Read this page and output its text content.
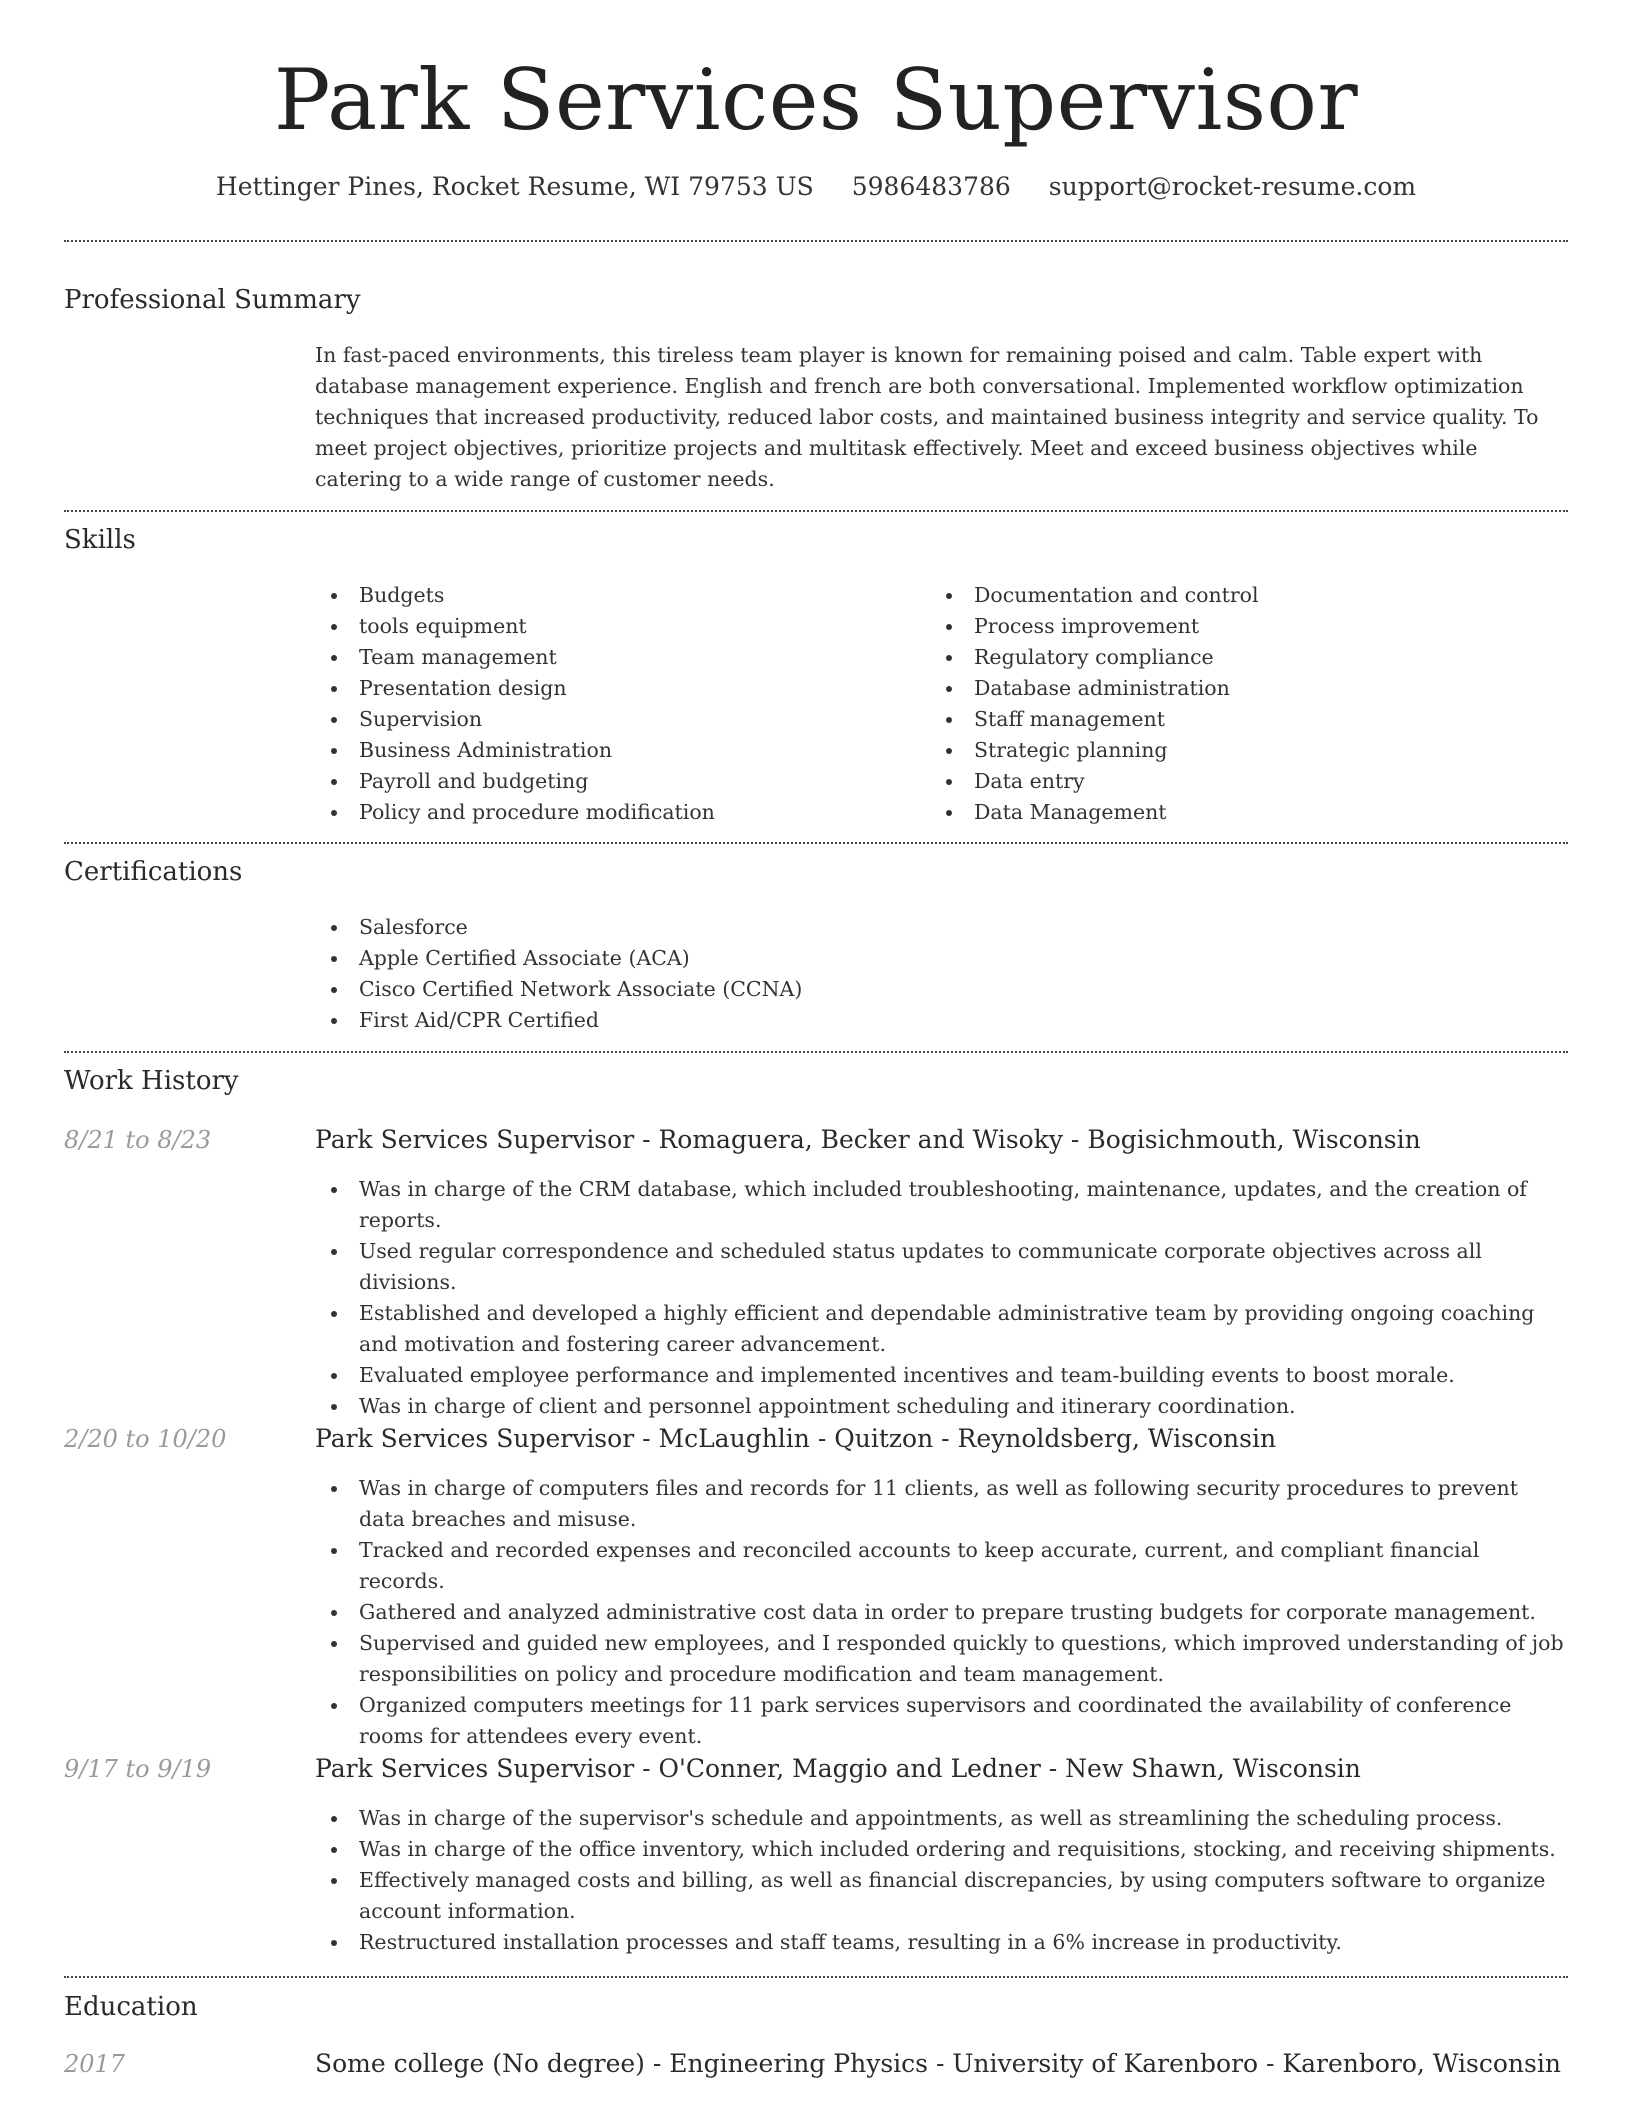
Park Services Supervisor
Hettinger Pines, Rocket Resume, WI 79753 US 5986483786 support@rocket-resume.com
Professional Summary

In fast-paced environments, this tireless team player is known for remaining poised and calm. Table expert with database management experience. English and french are both conversational. Implemented workflow optimization techniques that increased productivity, reduced labor costs, and maintained business integrity and service quality. To meet project objectives, prioritize projects and multitask effectively. Meet and exceed business objectives while catering to a wide range of customer needs.

Skills
Budgets
tools equipment
Team management
Presentation design
Supervision
Business Administration
Payroll and budgeting
Policy and procedure modification
Documentation and control
Process improvement
Regulatory compliance
Database administration
Staff management
Strategic planning
Data entry
Data Management
Certifications
Salesforce
Apple Certified Associate (ACA)
Cisco Certified Network Associate (CCNA)
First Aid/CPR Certified
Work History
8/21 to 8/23	Park Services Supervisor - Romaguera, Becker and Wisoky - Bogisichmouth, Wisconsin
Was in charge of the CRM database, which included troubleshooting, maintenance, updates, and the creation of reports.
Used regular correspondence and scheduled status updates to communicate corporate objectives across all divisions.
Established and developed a highly efficient and dependable administrative team by providing ongoing coaching and motivation and fostering career advancement.
Evaluated employee performance and implemented incentives and team-building events to boost morale.
Was in charge of client and personnel appointment scheduling and itinerary coordination.
2/20 to 10/20	Park Services Supervisor - McLaughlin - Quitzon - Reynoldsberg, Wisconsin
Was in charge of computers files and records for 11 clients, as well as following security procedures to prevent data breaches and misuse.
Tracked and recorded expenses and reconciled accounts to keep accurate, current, and compliant financial records.
Gathered and analyzed administrative cost data in order to prepare trusting budgets for corporate management.
Supervised and guided new employees, and I responded quickly to questions, which improved understanding of job responsibilities on policy and procedure modification and team management.
Organized computers meetings for 11 park services supervisors and coordinated the availability of conference rooms for attendees every event.
9/17 to 9/19	Park Services Supervisor - O'Conner, Maggio and Ledner - New Shawn, Wisconsin
Was in charge of the supervisor's schedule and appointments, as well as streamlining the scheduling process.
Was in charge of the office inventory, which included ordering and requisitions, stocking, and receiving shipments.
Effectively managed costs and billing, as well as financial discrepancies, by using computers software to organize account information.
Restructured installation processes and staff teams, resulting in a 6% increase in productivity.
Education
2017	Some college (No degree) - Engineering Physics - University of Karenboro - Karenboro, Wisconsin
